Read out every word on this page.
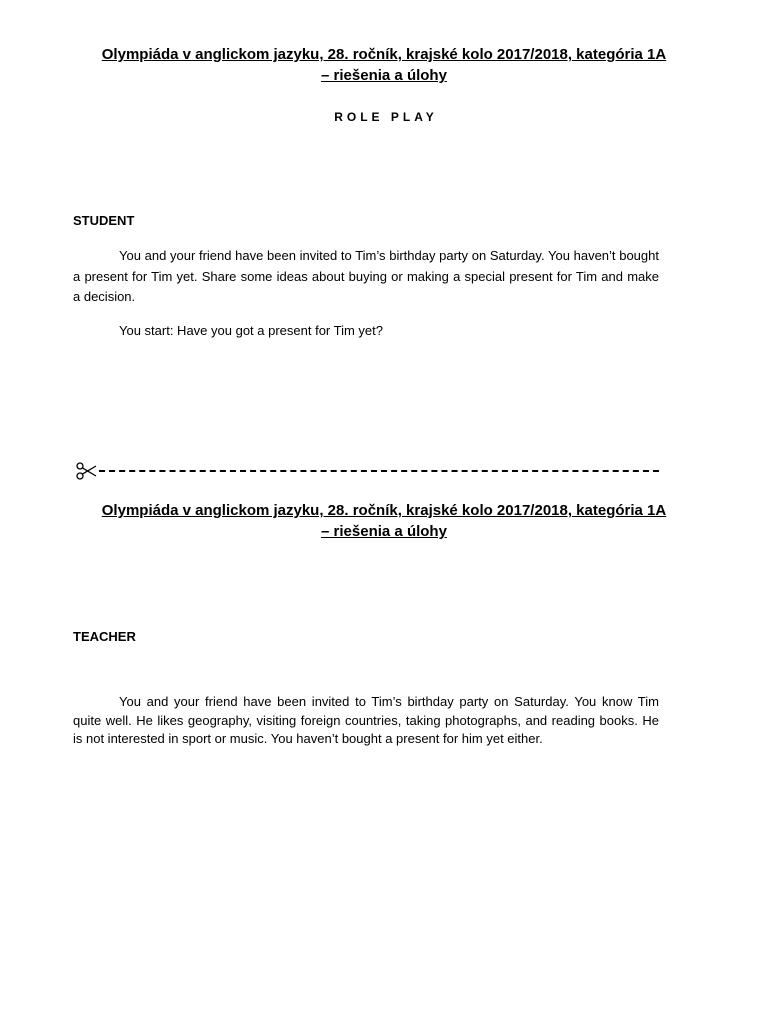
Olympiáda v anglickom jazyku, 28. ročník, krajské kolo 2017/2018, kategória 1A
– riešenia a úlohy
ROLE PLAY
STUDENT
You and your friend have been invited to Tim’s birthday party on Saturday. You haven’t bought a present for Tim yet. Share some ideas about buying or making a special present for Tim and make a decision.
You start: Have you got a present for Tim yet?
Olympiáda v anglickom jazyku, 28. ročník, krajské kolo 2017/2018, kategória 1A
– riešenia a úlohy
TEACHER
You and your friend have been invited to Tim’s birthday party on Saturday. You know Tim quite well. He likes geography, visiting foreign countries, taking photographs, and reading books. He is not interested in sport or music. You haven’t bought a present for him yet either.
